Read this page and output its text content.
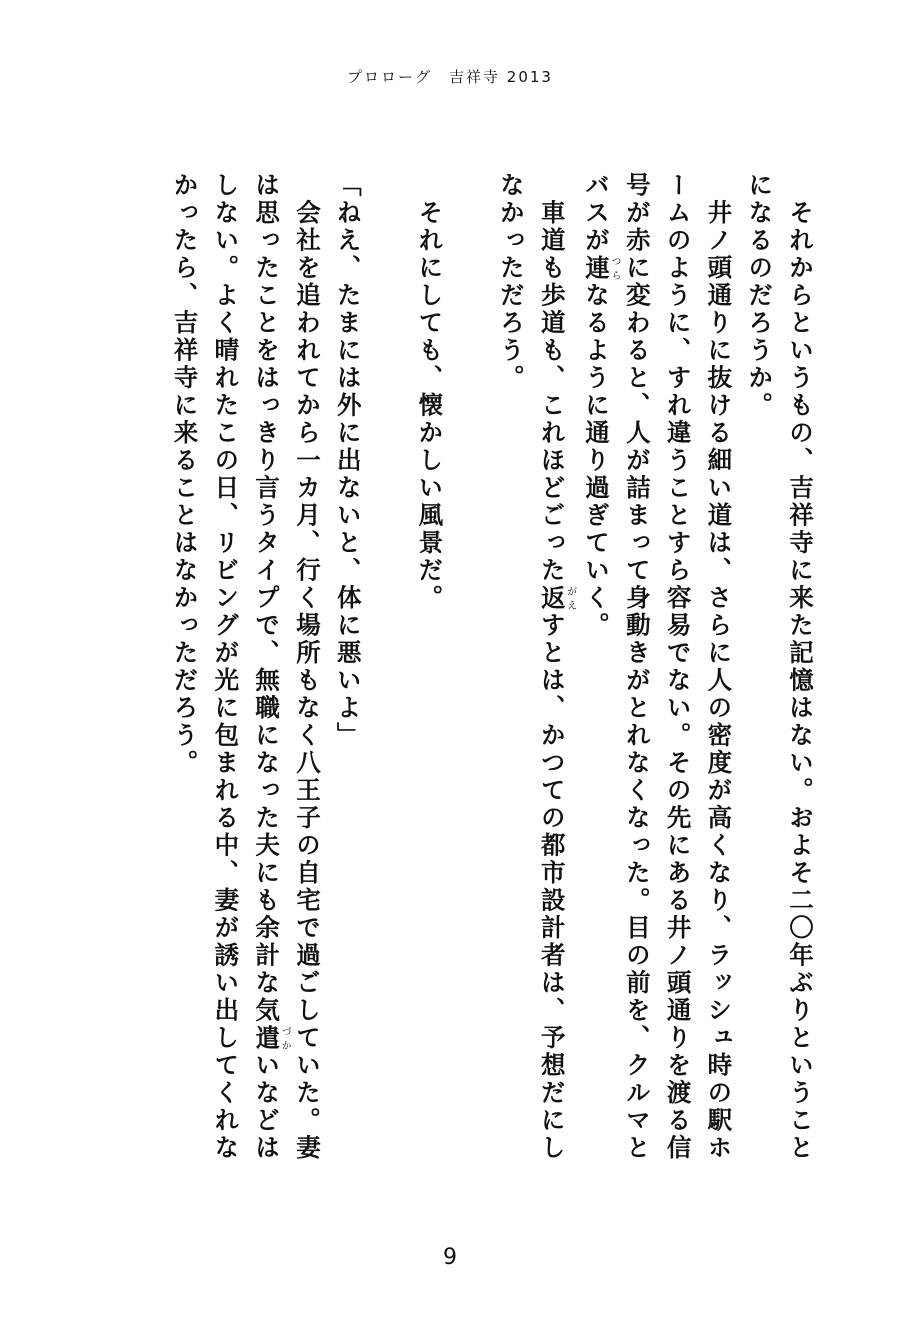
プロローグ　吉祥寺 2013

　それからというもの、吉祥寺に来た記憶はない。およそ二〇年ぶりということになるのだろうか。

　井ノ頭通りに抜ける細い道は、さらに人の密度が高くなり、ラッシュ時の駅ホームのように、すれ違うことすら容易でない。その先にある井ノ頭通りを渡る信号が赤に変わると、人が詰まって身動きがとれなくなった。目の前を、クルマとバスが連つらなるように通り過ぎていく。

　車道も歩道も、これほどごった返がえすとは、かつての都市設計者は、予想だにしなかっただろう。

　それにしても、懐かしい風景だ。

「ねえ、たまには外に出ないと、体に悪いよ」

　会社を追われてから一カ月、行く場所もなく八王子の自宅で過ごしていた。妻は思ったことをはっきり言うタイプで、無職になった夫にも余計な気遣づかいなどはしない。よく晴れたこの日、リビングが光に包まれる中、妻が誘い出してくれなかったら、吉祥寺に来ることはなかっただろう。

9
